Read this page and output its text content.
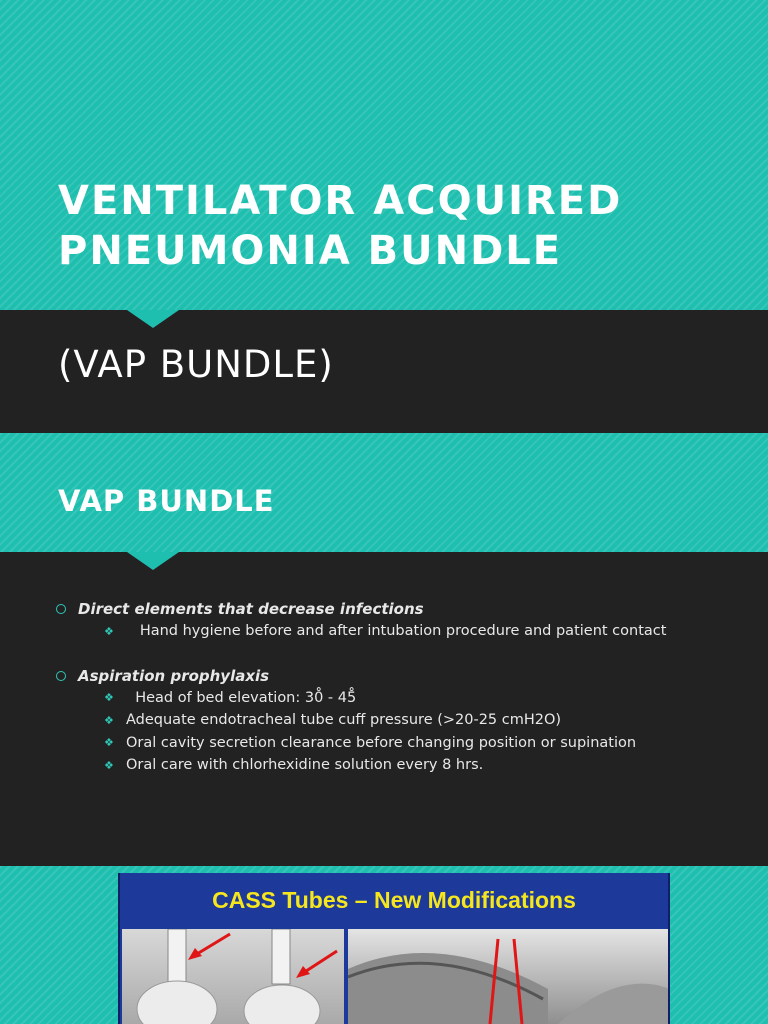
VENTILATOR ACQUIRED
PNEUMONIA BUNDLE
(VAP BUNDLE)
VAP BUNDLE
Direct elements that decrease infections
❖ Hand hygiene before and after intubation procedure and patient contact
Aspiration prophylaxis
❖ Head of bed elevation: 30̊ - 45̊
❖ Adequate endotracheal tube cuff pressure (>20-25 cmH2O)
❖ Oral cavity secretion clearance before changing position or supination
❖ Oral care with chlorhexidine solution every 8 hrs.
CASS Tubes – New Modifications
